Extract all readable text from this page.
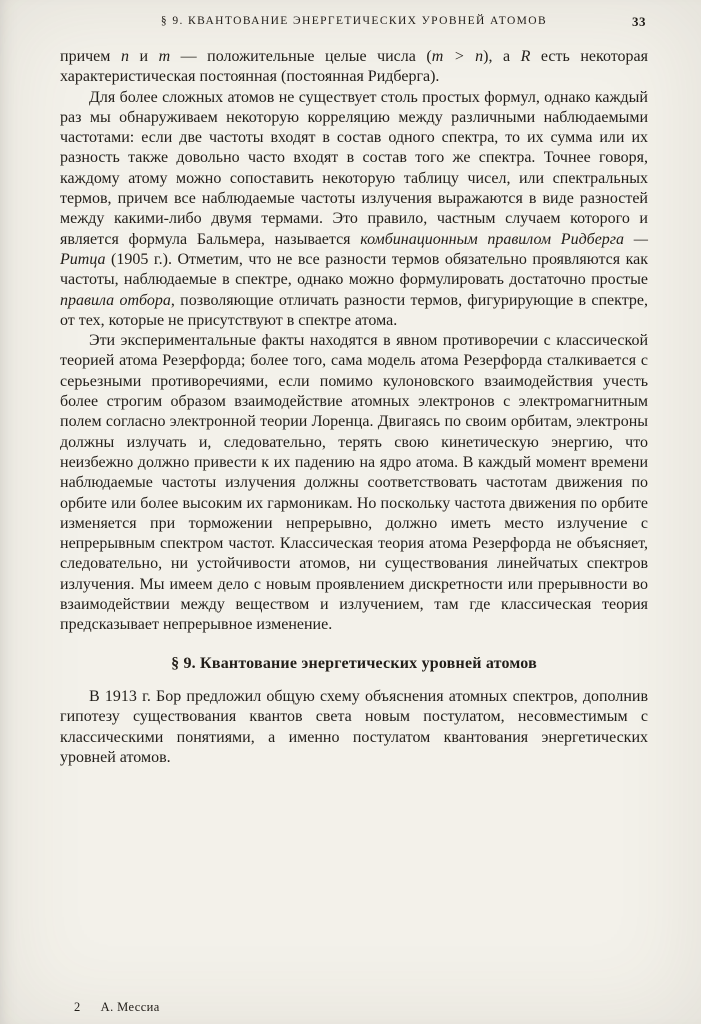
§ 9. КВАНТОВАНИЕ ЭНЕРГЕТИЧЕСКИХ УРОВНЕЙ АТОМОВ	33

причем n и m — положительные целые числа (m > n), а R есть некоторая характеристическая постоянная (постоянная Ридберга).

Для более сложных атомов не существует столь простых формул, однако каждый раз мы обнаруживаем некоторую корреляцию между различными наблюдаемыми частотами: если две частоты входят в состав одного спектра, то их сумма или их разность также довольно часто входят в состав того же спектра. Точнее говоря, каждому атому можно сопоставить некоторую таблицу чисел, или спектральных термов, причем все наблюдаемые частоты излучения выражаются в виде разностей между какими-либо двумя термами. Это правило, частным случаем которого и является формула Бальмера, называется комбинационным правилом Ридберга — Ритца (1905 г.). Отметим, что не все разности термов обязательно проявляются как частоты, наблюдаемые в спектре, однако можно формулировать достаточно простые правила отбора, позволяющие отличать разности термов, фигурирующие в спектре, от тех, которые не присутствуют в спектре атома.

Эти экспериментальные факты находятся в явном противоречии с классической теорией атома Резерфорда; более того, сама модель атома Резерфорда сталкивается с серьезными противоречиями, если помимо кулоновского взаимодействия учесть более строгим образом взаимодействие атомных электронов с электромагнитным полем согласно электронной теории Лоренца. Двигаясь по своим орбитам, электроны должны излучать и, следовательно, терять свою кинетическую энергию, что неизбежно должно привести к их падению на ядро атома. В каждый момент времени наблюдаемые частоты излучения должны соответствовать частотам движения по орбите или более высоким их гармоникам. Но поскольку частота движения по орбите изменяется при торможении непрерывно, должно иметь место излучение с непрерывным спектром частот. Классическая теория атома Резерфорда не объясняет, следовательно, ни устойчивости атомов, ни существования линейчатых спектров излучения. Мы имеем дело с новым проявлением дискретности или прерывности во взаимодействии между веществом и излучением, там где классическая теория предсказывает непрерывное изменение.

§ 9. Квантование энергетических уровней атомов

В 1913 г. Бор предложил общую схему объяснения атомных спектров, дополнив гипотезу существования квантов света новым постулатом, несовместимым с классическими понятиями, а именно постулатом квантования энергетических уровней атомов.

2 А. Мессиа
